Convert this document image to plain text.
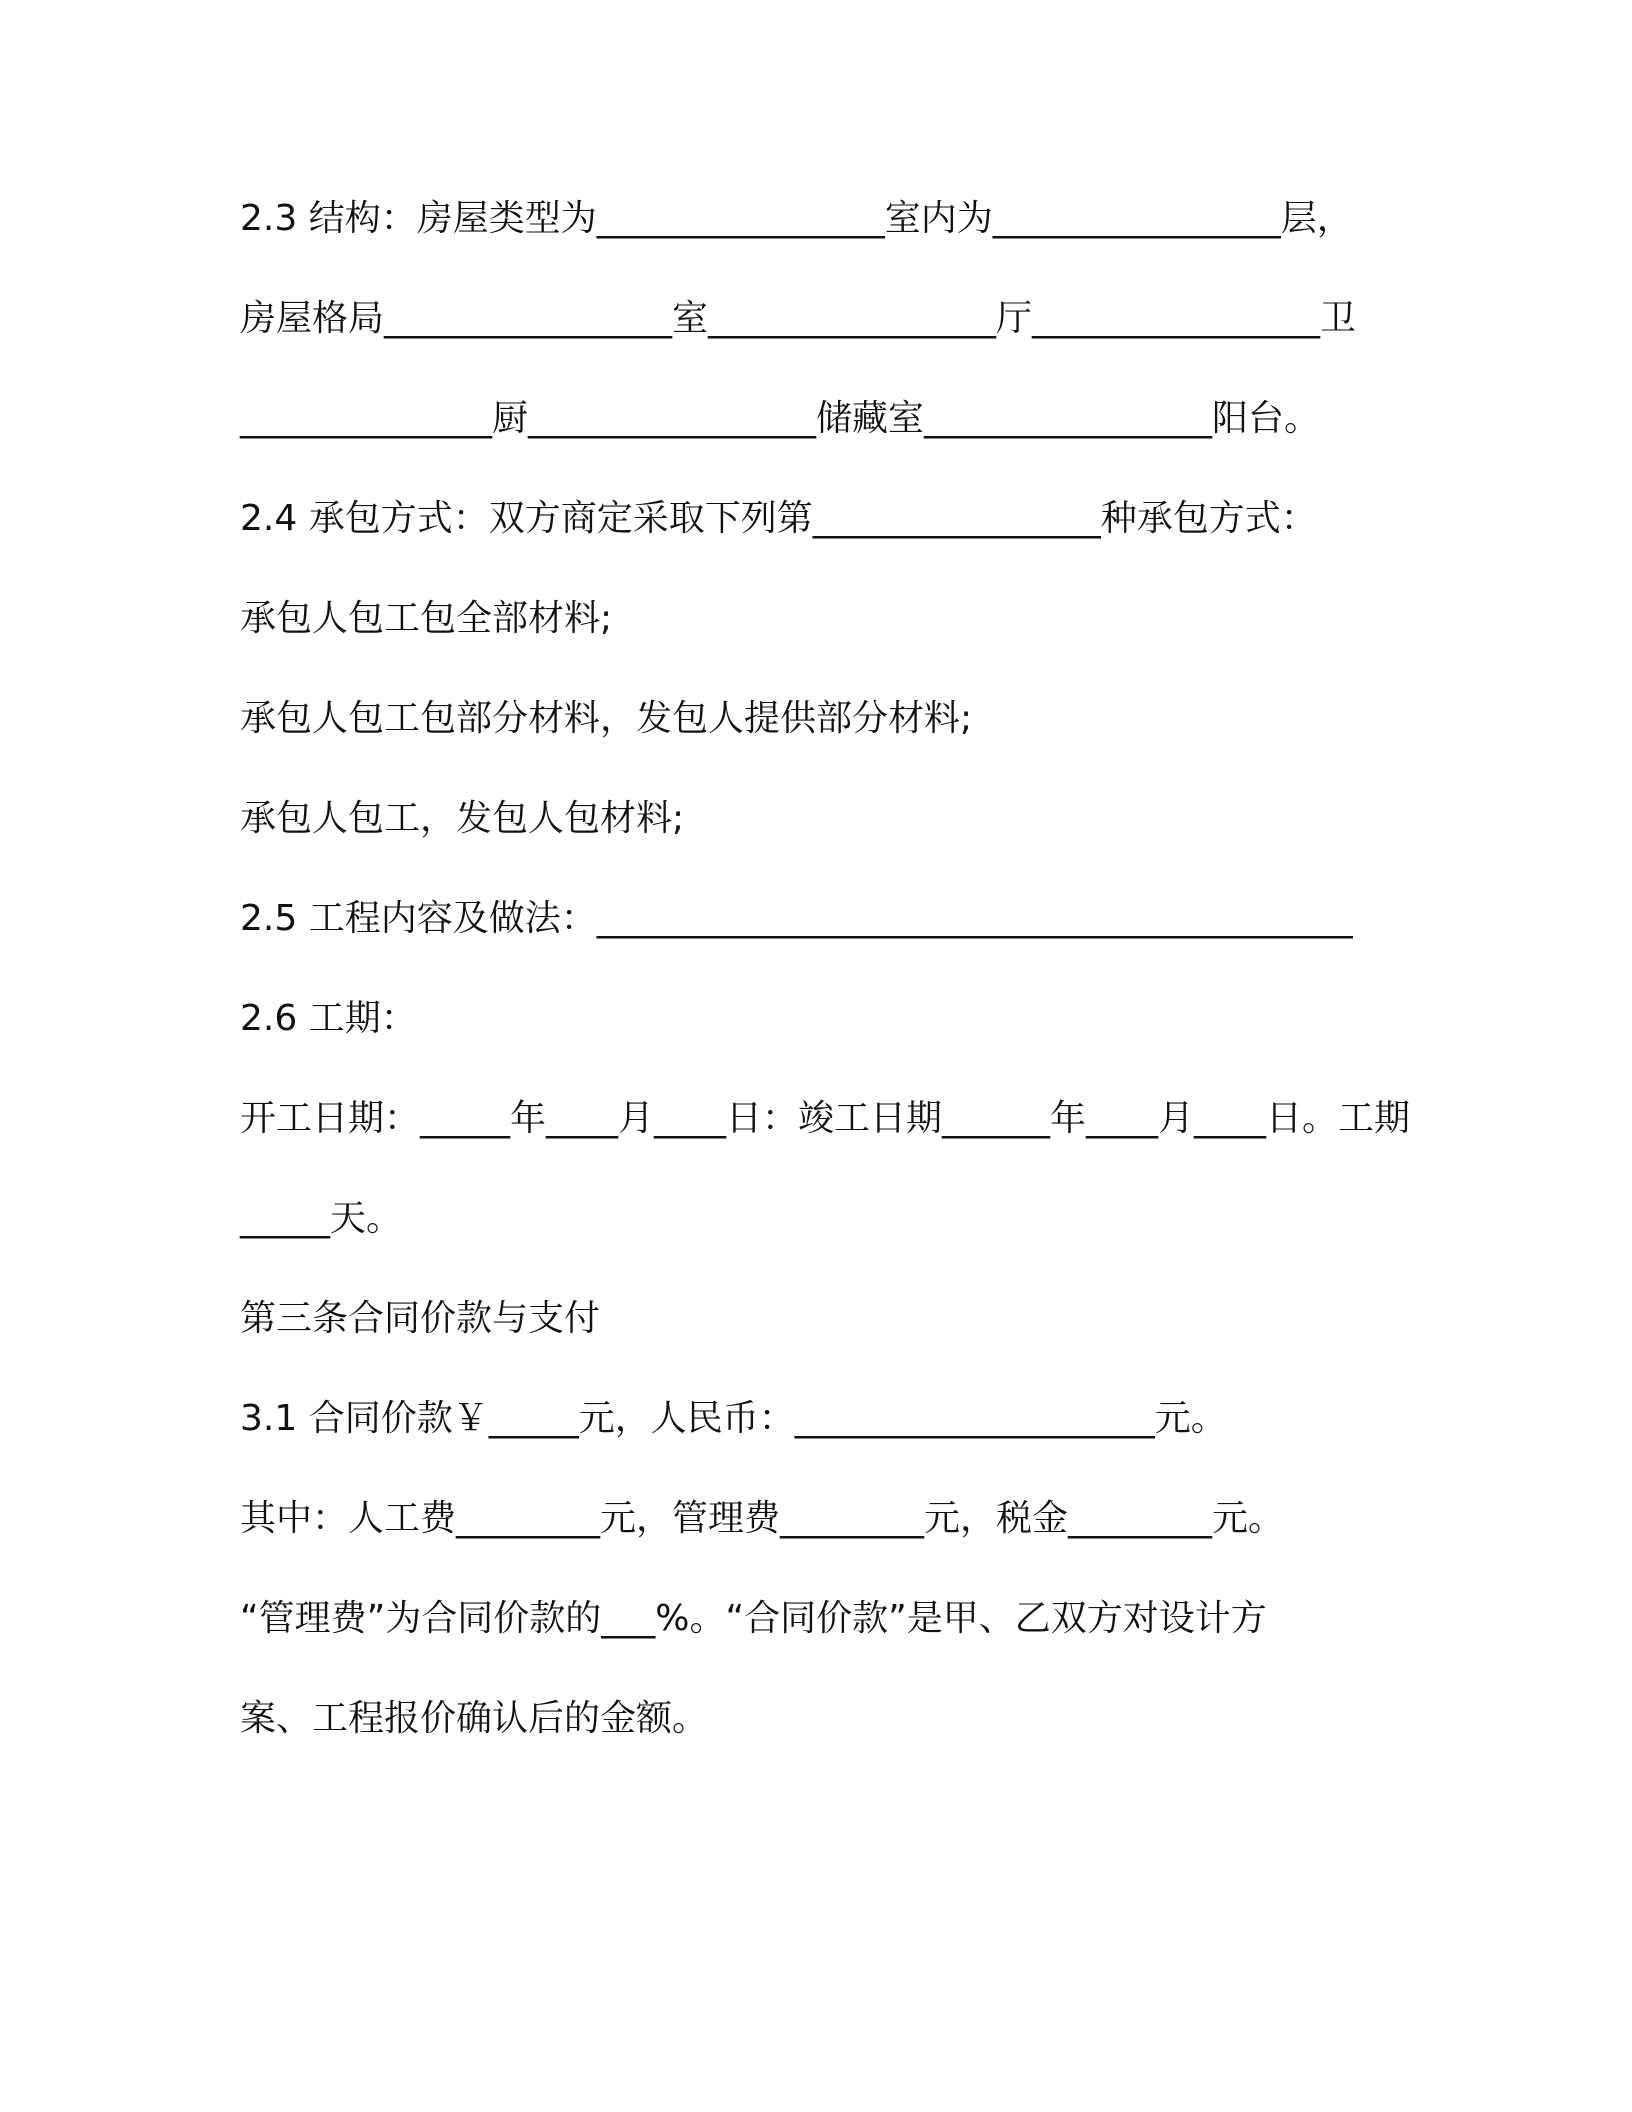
2.3 结构：房屋类型为________________室内为________________层，
房屋格局________________室________________厅________________卫
______________厨________________储藏室________________阳台。
2.4 承包方式：双方商定采取下列第________________种承包方式：
承包人包工包全部材料;
承包人包工包部分材料，发包人提供部分材料;
承包人包工，发包人包材料;
2.5 工程内容及做法：__________________________________________
2.6 工期：
开工日期：_____年____月____日：竣工日期______年____月____日。工期
_____天。
第三条合同价款与支付
3.1 合同价款￥_____元，人民币：____________________元。
其中：人工费________元，管理费________元，税金________元。
“管理费”为合同价款的___%。“合同价款”是甲、乙双方对设计方
案、工程报价确认后的金额。
